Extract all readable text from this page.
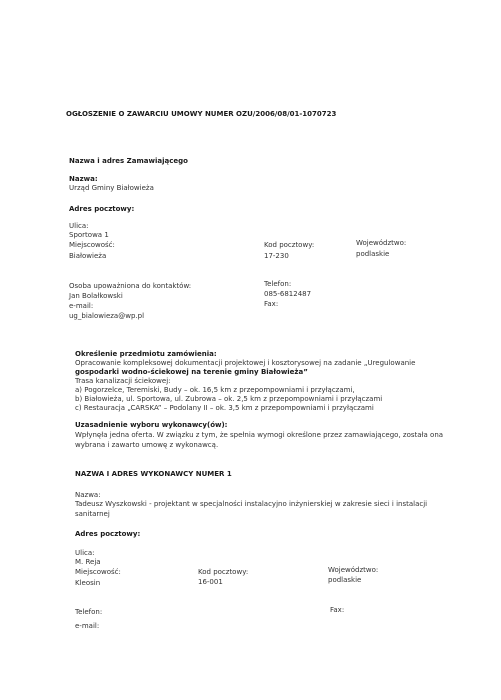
OGŁOSZENIE O ZAWARCIU UMOWY NUMER OZU/2006/08/01-1070723
Nazwa i adres Zamawiającego
Nazwa:
Urząd Gminy Białowieża
Adres pocztowy:
Ulica:
Sportowa 1
Miejscowość:
Białowieża
Kod pocztowy:
17-230
Województwo:
podlaskie
Osoba upoważniona do kontaktów:
Jan Bolałkowski
e-mail:
ug_bialowieza@wp.pl
Telefon:
085-6812487
Fax:
Określenie przedmiotu zamówienia:
Opracowanie kompleksowej dokumentacji projektowej i kosztorysowej na zadanie „Uregulowanie
gospodarki wodno-ściekowej na terenie gminy Białowieża”
Trasa kanalizacji ściekowej:
a) Pogorzelce, Teremiski, Budy – ok. 16,5 km z przepompowniami i przyłączami,
b) Białowieża, ul. Sportowa, ul. Zubrowa – ok. 2,5 km z przepompowniami i przyłączami
c) Restauracja „CARSKA” – Podolany II – ok. 3,5 km z przepompowniami i przyłączami
Uzasadnienie wyboru wykonawcy(ów):
Wpłynęła jedna oferta. W związku z tym, że spełnia wymogi określone przez zamawiającego, została ona
wybrana i zawarto umowę z wykonawcą.
NAZWA I ADRES WYKONAWCY NUMER 1
Nazwa:
Tadeusz Wyszkowski - projektant w specjalności instalacyjno inżynierskiej w zakresie sieci i instalacji
sanitarnej
Adres pocztowy:
Ulica:
M. Reja
Miejscowość:
Kleosin
Kod pocztowy:
16-001
Województwo:
podlaskie
Telefon:	Fax:
e-mail:
